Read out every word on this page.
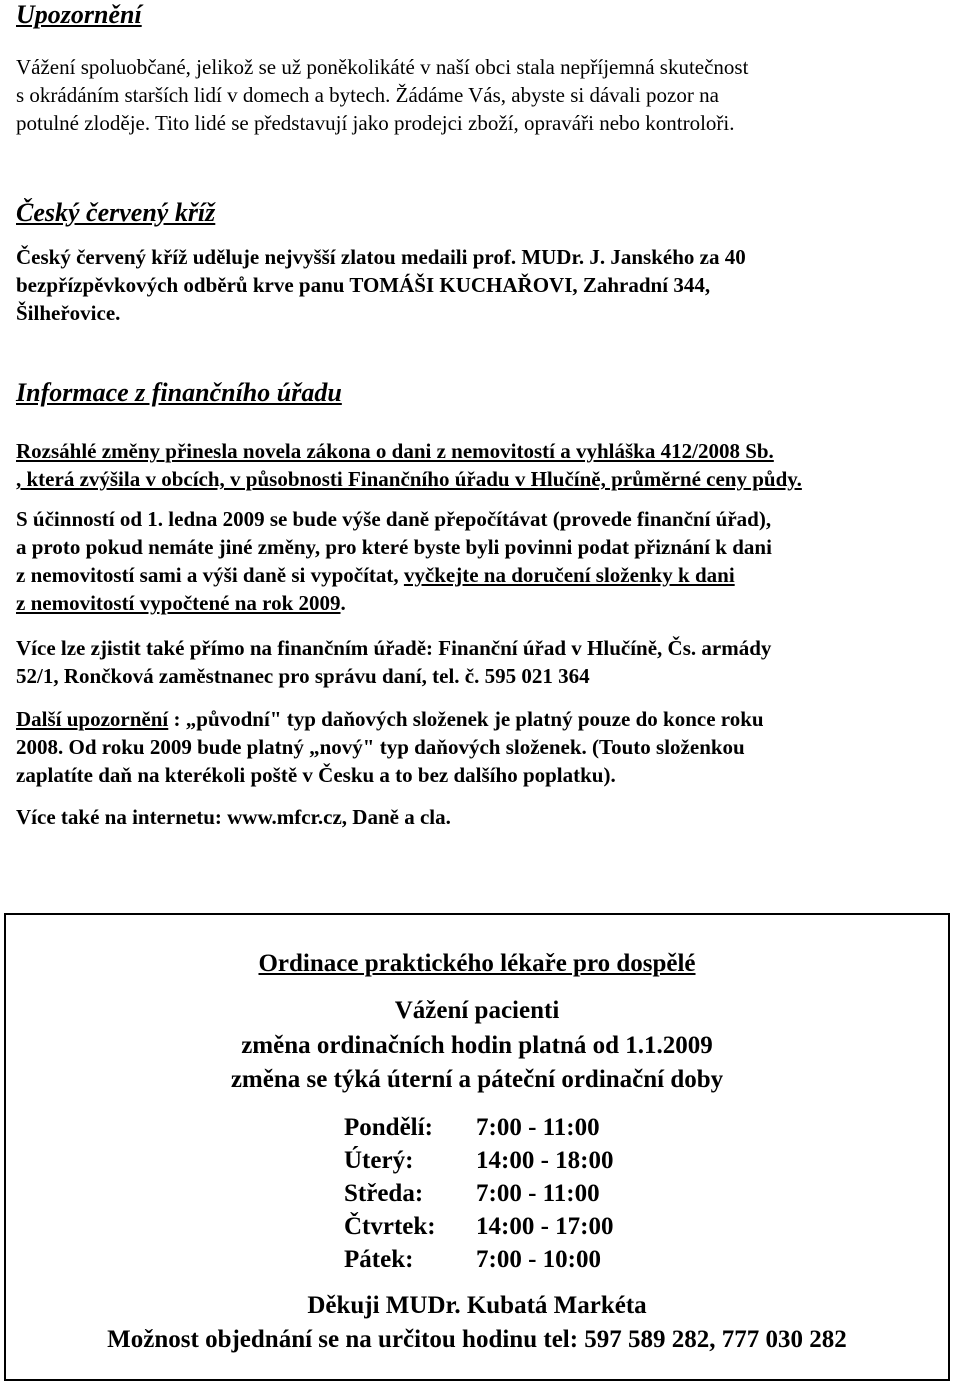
Upozornění
Vážení spoluobčané, jelikož se už poněkolikáté v naší obci stala nepříjemná skutečnost
s okrádáním starších lidí v domech a bytech. Žádáme Vás, abyste si dávali pozor na
potulné zloděje. Tito lidé se představují jako prodejci zboží, opraváři nebo kontroloři.
Český červený kříž
Český červený kříž uděluje nejvyšší zlatou medaili prof. MUDr. J. Janského za 40
bezpřízpěvkových odběrů krve panu TOMÁŠI KUCHAŘOVI, Zahradní 344,
Šilheřovice.
Informace z finančního úřadu
Rozsáhlé změny přinesla novela zákona o dani z nemovitostí a vyhláška 412/2008 Sb.
, která zvýšila v obcích, v působnosti Finančního úřadu v Hlučíně, průměrné ceny půdy.
S účinností od 1. ledna 2009 se bude výše daně přepočítávat (provede finanční úřad),
a proto pokud nemáte jiné změny, pro které byste byli povinni podat přiznání k dani
z nemovitostí sami a výši daně si vypočítat, vyčkejte na doručení složenky k dani
z nemovitostí vypočtené na rok 2009.
Více lze zjistit také přímo na finančním úřadě: Finanční úřad v Hlučíně, Čs. armády
52/1, Rončková zaměstnanec pro správu daní, tel. č. 595 021 364
Další upozornění : „původní" typ daňových složenek je platný pouze do konce roku
2008. Od roku 2009 bude platný „nový" typ daňových složenek. (Touto složenkou
zaplatíte daň na kterékoli poště v Česku a to bez dalšího poplatku).
Více také na internetu: www.mfcr.cz, Daně a cla.
Ordinace praktického lékaře pro dospělé
Vážení pacienti
změna ordinačních hodin platná od 1.1.2009
změna se týká úterní a páteční ordinační doby
Pondělí:	7:00 - 11:00
Úterý:	14:00 - 18:00
Středa:	7:00 - 11:00
Čtvrtek:	14:00 - 17:00
Pátek:	7:00 - 10:00
Děkuji MUDr. Kubatá Markéta
Možnost objednání se na určitou hodinu tel: 597 589 282, 777 030 282
